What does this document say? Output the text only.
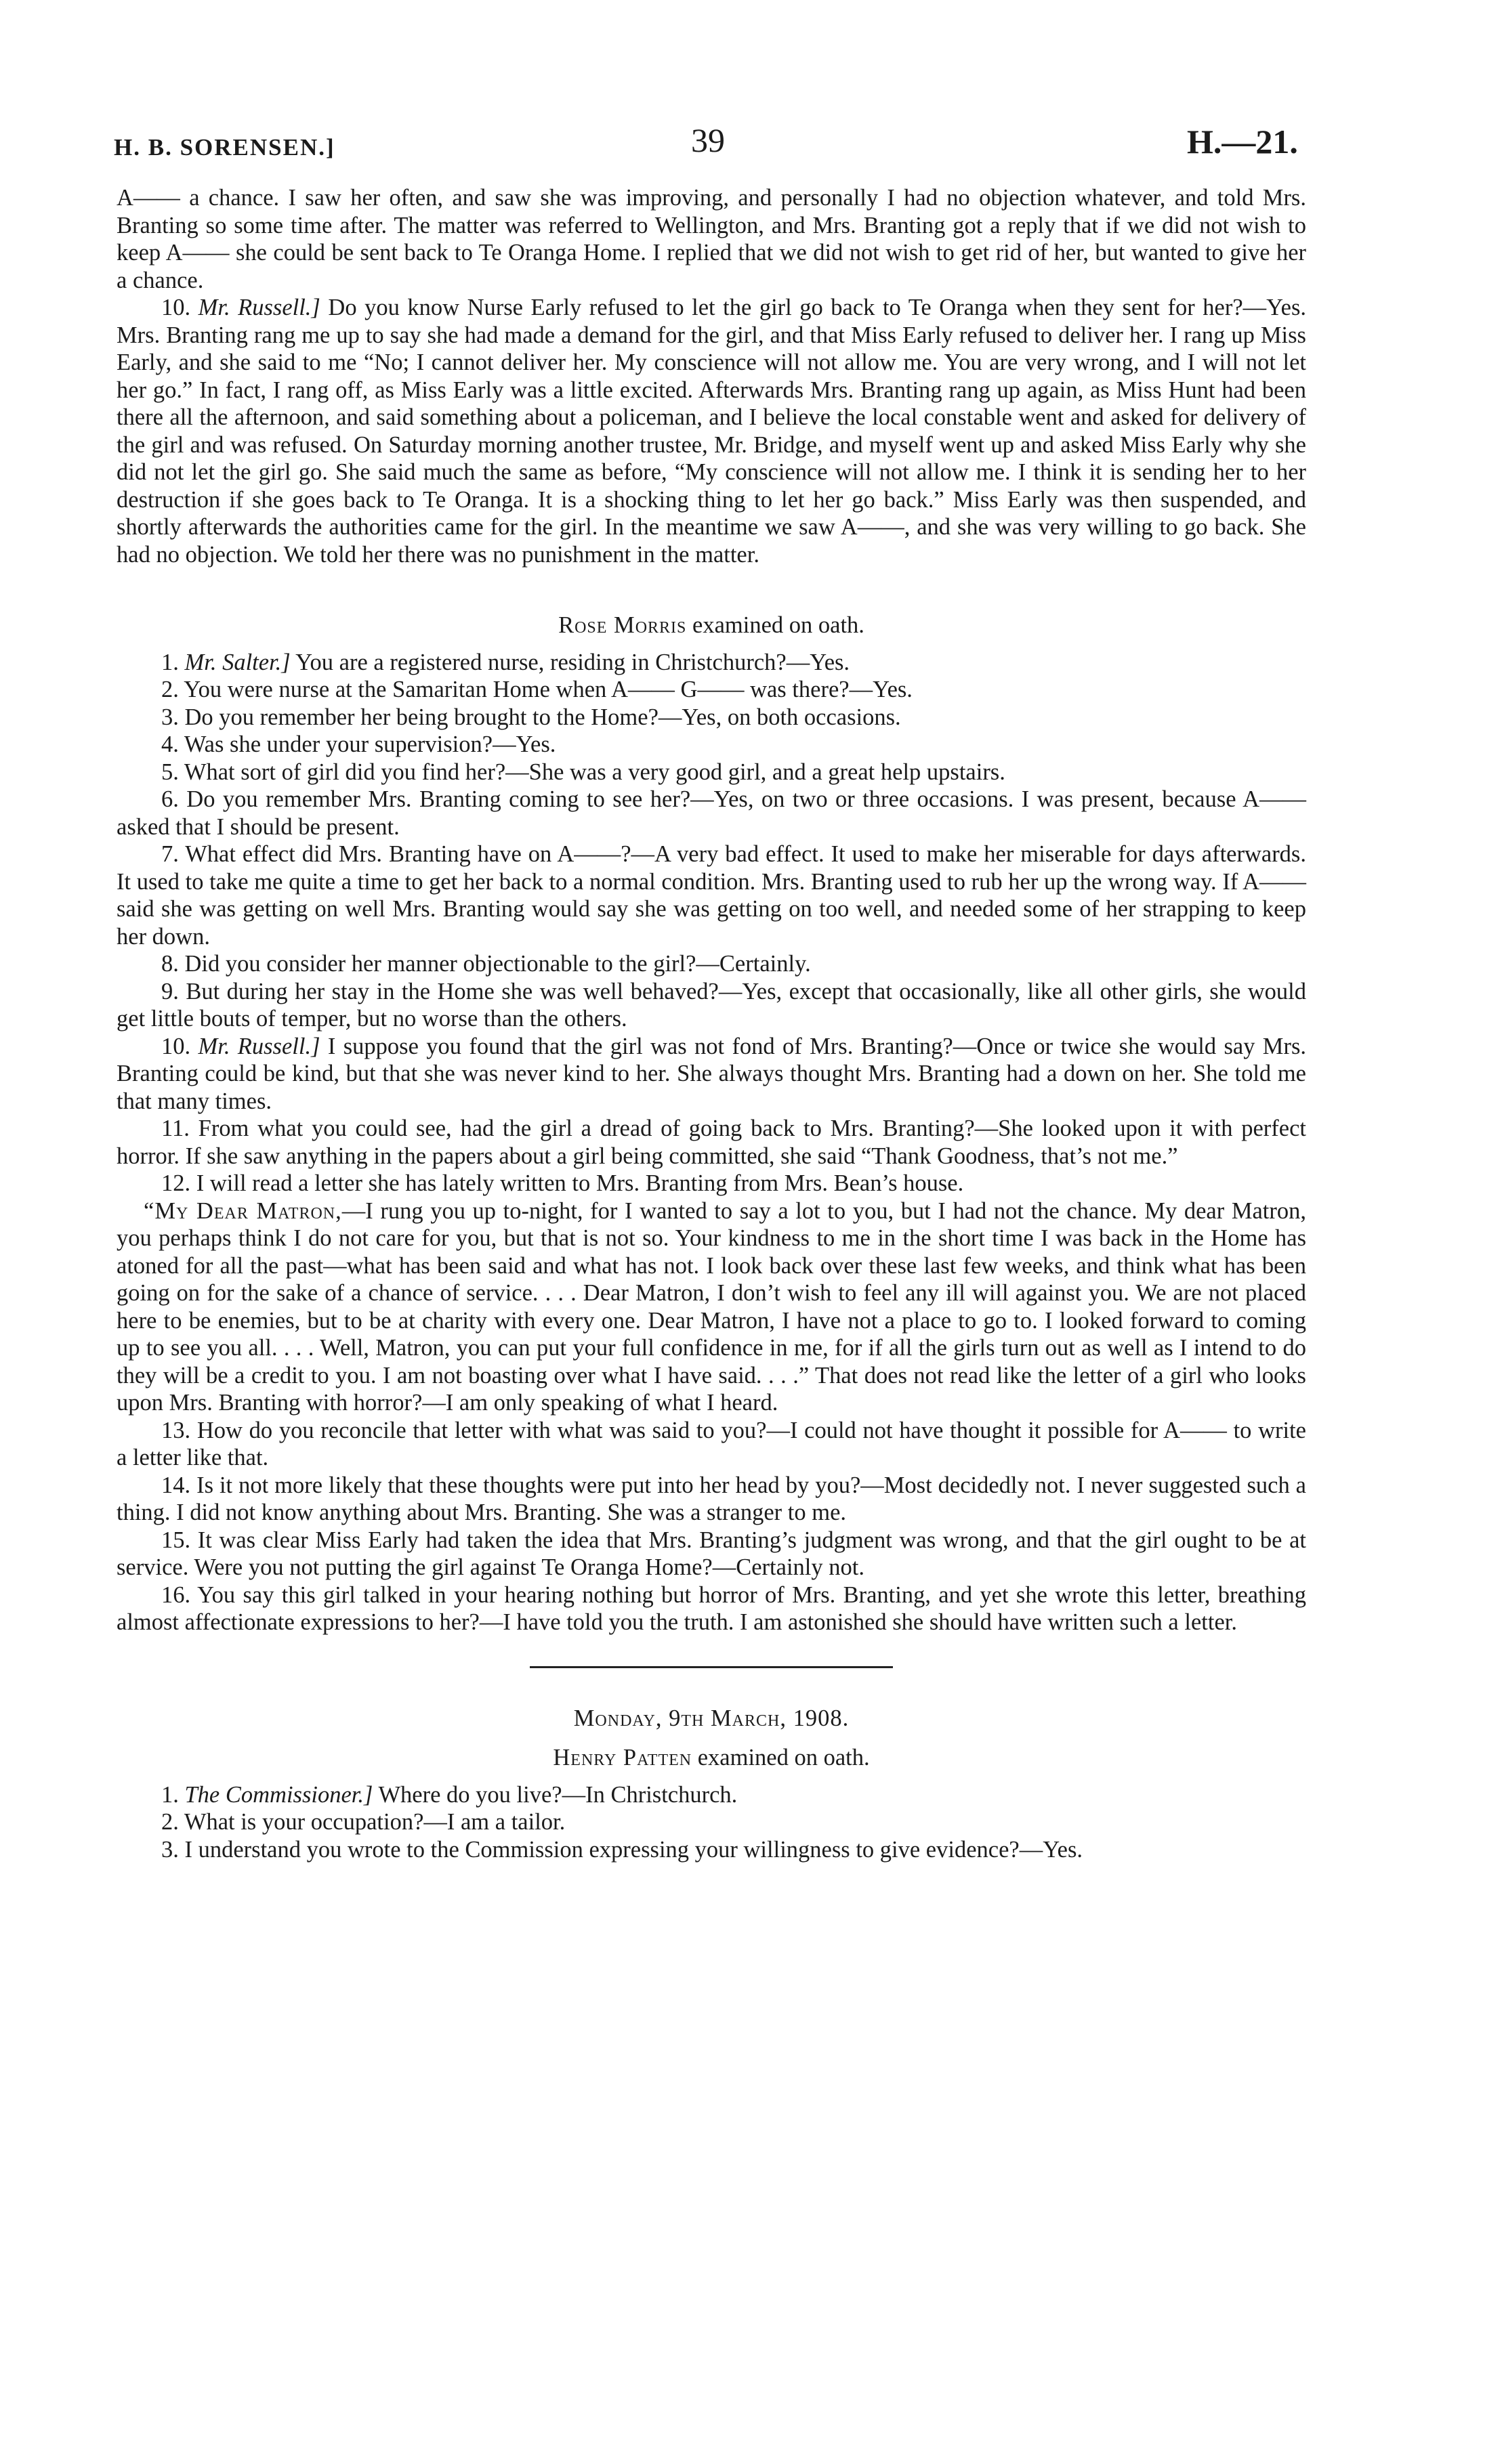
H. B. SORENSEN.]	39	H.—21.

A—— a chance. I saw her often, and saw she was improving, and personally I had no objection whatever, and told Mrs. Branting so some time after. The matter was referred to Wellington, and Mrs. Branting got a reply that if we did not wish to keep A—— she could be sent back to Te Oranga Home. I replied that we did not wish to get rid of her, but wanted to give her a chance.

10. Mr. Russell.] Do you know Nurse Early refused to let the girl go back to Te Oranga when they sent for her?—Yes. Mrs. Branting rang me up to say she had made a demand for the girl, and that Miss Early refused to deliver her. I rang up Miss Early, and she said to me “No; I cannot deliver her. My conscience will not allow me. You are very wrong, and I will not let her go.” In fact, I rang off, as Miss Early was a little excited. Afterwards Mrs. Branting rang up again, as Miss Hunt had been there all the afternoon, and said something about a policeman, and I believe the local constable went and asked for delivery of the girl and was refused. On Saturday morning another trustee, Mr. Bridge, and myself went up and asked Miss Early why she did not let the girl go. She said much the same as before, “My conscience will not allow me. I think it is sending her to her destruction if she goes back to Te Oranga. It is a shocking thing to let her go back.” Miss Early was then suspended, and shortly afterwards the authorities came for the girl. In the meantime we saw A——, and she was very willing to go back. She had no objection. We told her there was no punishment in the matter.

Rose Morris examined on oath.

1. Mr. Salter.] You are a registered nurse, residing in Christchurch?—Yes.

2. You were nurse at the Samaritan Home when A—— G—— was there?—Yes.

3. Do you remember her being brought to the Home?—Yes, on both occasions.

4. Was she under your supervision?—Yes.

5. What sort of girl did you find her?—She was a very good girl, and a great help upstairs.

6. Do you remember Mrs. Branting coming to see her?—Yes, on two or three occasions. I was present, because A—— asked that I should be present.

7. What effect did Mrs. Branting have on A——?—A very bad effect. It used to make her miserable for days afterwards. It used to take me quite a time to get her back to a normal condition. Mrs. Branting used to rub her up the wrong way. If A—— said she was getting on well Mrs. Branting would say she was getting on too well, and needed some of her strapping to keep her down.

8. Did you consider her manner objectionable to the girl?—Certainly.

9. But during her stay in the Home she was well behaved?—Yes, except that occasionally, like all other girls, she would get little bouts of temper, but no worse than the others.

10. Mr. Russell.] I suppose you found that the girl was not fond of Mrs. Branting?—Once or twice she would say Mrs. Branting could be kind, but that she was never kind to her. She always thought Mrs. Branting had a down on her. She told me that many times.

11. From what you could see, had the girl a dread of going back to Mrs. Branting?—She looked upon it with perfect horror. If she saw anything in the papers about a girl being committed, she said “Thank Goodness, that’s not me.”

12. I will read a letter she has lately written to Mrs. Branting from Mrs. Bean’s house.

“My Dear Matron,—I rung you up to-night, for I wanted to say a lot to you, but I had not the chance. My dear Matron, you perhaps think I do not care for you, but that is not so. Your kindness to me in the short time I was back in the Home has atoned for all the past—what has been said and what has not. I look back over these last few weeks, and think what has been going on for the sake of a chance of service. . . . Dear Matron, I don’t wish to feel any ill will against you. We are not placed here to be enemies, but to be at charity with every one. Dear Matron, I have not a place to go to. I looked forward to coming up to see you all. . . . Well, Matron, you can put your full confidence in me, for if all the girls turn out as well as I intend to do they will be a credit to you. I am not boasting over what I have said. . . .” That does not read like the letter of a girl who looks upon Mrs. Branting with horror?—I am only speaking of what I heard.

13. How do you reconcile that letter with what was said to you?—I could not have thought it possible for A—— to write a letter like that.

14. Is it not more likely that these thoughts were put into her head by you?—Most decidedly not. I never suggested such a thing. I did not know anything about Mrs. Branting. She was a stranger to me.

15. It was clear Miss Early had taken the idea that Mrs. Branting’s judgment was wrong, and that the girl ought to be at service. Were you not putting the girl against Te Oranga Home?—Certainly not.

16. You say this girl talked in your hearing nothing but horror of Mrs. Branting, and yet she wrote this letter, breathing almost affectionate expressions to her?—I have told you the truth. I am astonished she should have written such a letter.

Monday, 9th March, 1908.

Henry Patten examined on oath.

1. The Commissioner.] Where do you live?—In Christchurch.

2. What is your occupation?—I am a tailor.

3. I understand you wrote to the Commission expressing your willingness to give evidence?—Yes.
